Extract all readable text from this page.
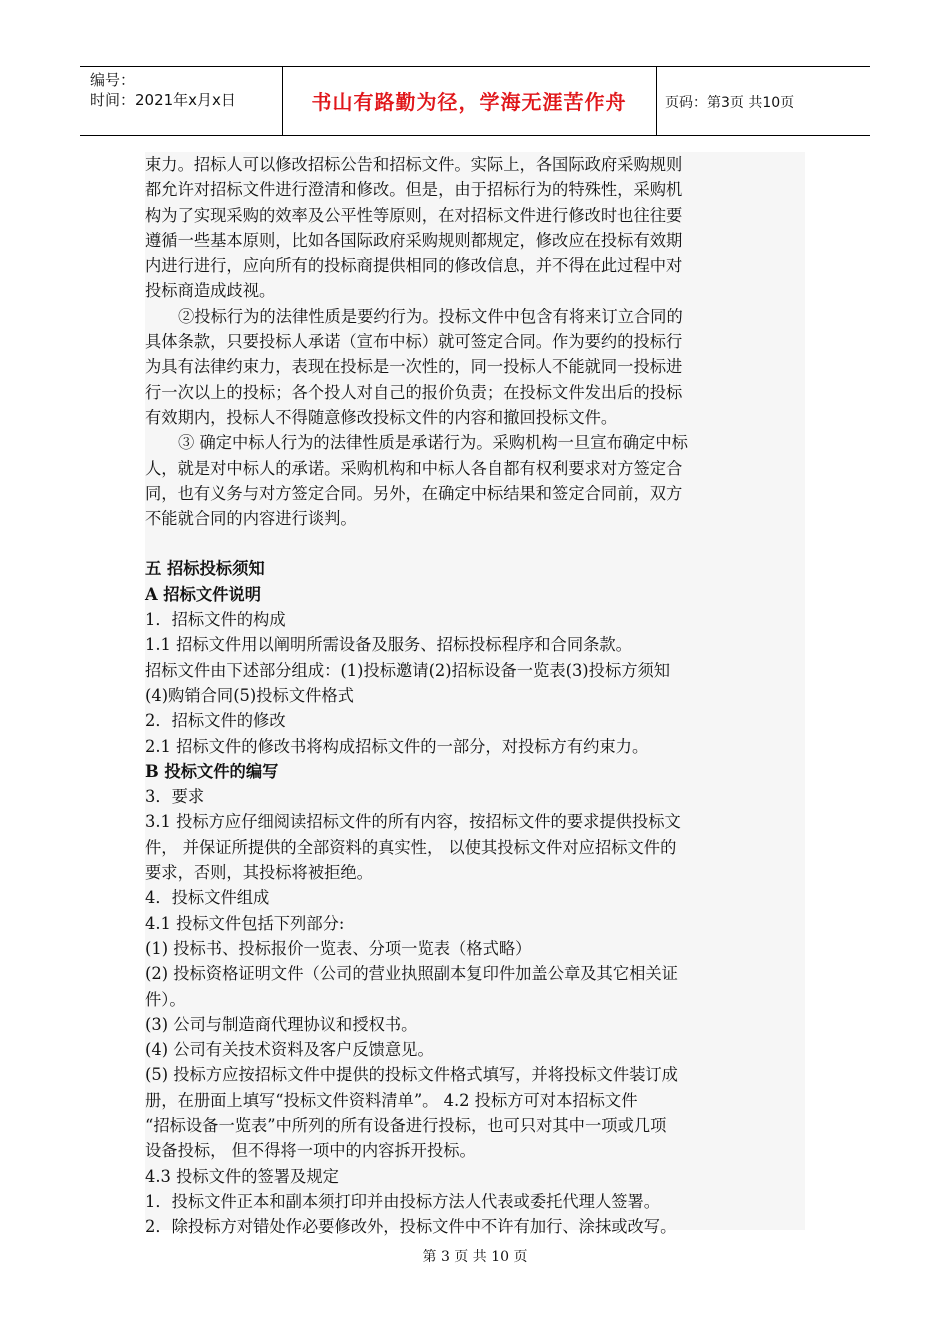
编号：
时间：2021年x月x日	书山有路勤为径，学海无涯苦作舟	页码：第3页 共10页

束力。招标人可以修改招标公告和招标文件。实际上，各国际政府采购规则

都允许对招标文件进行澄清和修改。但是，由于招标行为的特殊性，采购机

构为了实现采购的效率及公平性等原则，在对招标文件进行修改时也往往要

遵循一些基本原则，比如各国际政府采购规则都规定，修改应在投标有效期

内进行进行，应向所有的投标商提供相同的修改信息，并不得在此过程中对

投标商造成歧视。

②投标行为的法律性质是要约行为。投标文件中包含有将来订立合同的

具体条款，只要投标人承诺（宣布中标）就可签定合同。作为要约的投标行

为具有法律约束力，表现在投标是一次性的，同一投标人不能就同一投标进

行一次以上的投标；各个投人对自己的报价负责；在投标文件发出后的投标

有效期内，投标人不得随意修改投标文件的内容和撤回投标文件。

③ 确定中标人行为的法律性质是承诺行为。采购机构一旦宣布确定中标

人，就是对中标人的承诺。采购机构和中标人各自都有权利要求对方签定合

同，也有义务与对方签定合同。另外，在确定中标结果和签定合同前，双方

不能就合同的内容进行谈判。

五 招标投标须知

A 招标文件说明

1．招标文件的构成

1.1 招标文件用以阐明所需设备及服务、招标投标程序和合同条款。

招标文件由下述部分组成：(1)投标邀请(2)招标设备一览表(3)投标方须知

(4)购销合同(5)投标文件格式

2．招标文件的修改

2.1 招标文件的修改书将构成招标文件的一部分，对投标方有约束力。

B 投标文件的编写

3．要求

3.1 投标方应仔细阅读招标文件的所有内容，按招标文件的要求提供投标文

件， 并保证所提供的全部资料的真实性， 以使其投标文件对应招标文件的

要求，否则，其投标将被拒绝。

4．投标文件组成

4.1 投标文件包括下列部分:

(1) 投标书、投标报价一览表、分项一览表（格式略）

(2) 投标资格证明文件（公司的营业执照副本复印件加盖公章及其它相关证

件）。

(3) 公司与制造商代理协议和授权书。

(4) 公司有关技术资料及客户反馈意见。

(5) 投标方应按招标文件中提供的投标文件格式填写，并将投标文件装订成

册，在册面上填写“投标文件资料清单”。 4.2 投标方可对本招标文件

“招标设备一览表”中所列的所有设备进行投标，也可只对其中一项或几项

设备投标， 但不得将一项中的内容拆开投标。

4.3 投标文件的签署及规定

1．投标文件正本和副本须打印并由投标方法人代表或委托代理人签署。

2．除投标方对错处作必要修改外，投标文件中不许有加行、涂抹或改写。

第 3 页 共 10 页
